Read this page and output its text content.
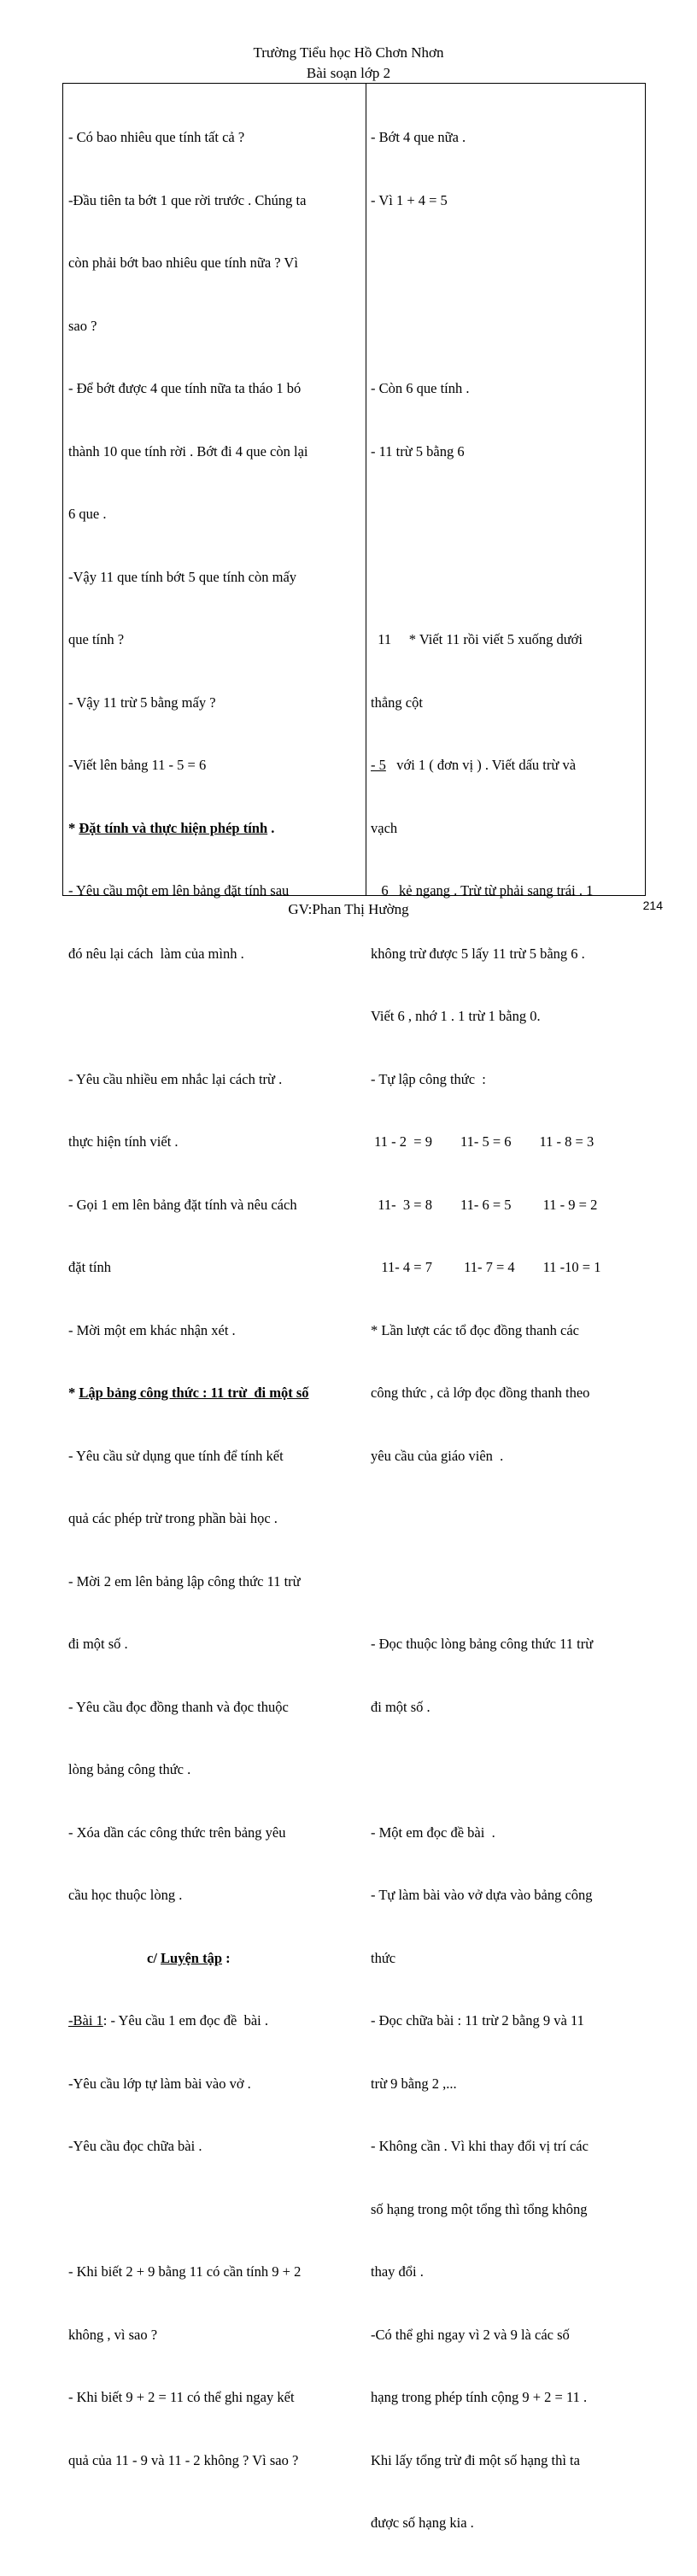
Trường Tiểu học Hồ Chơn Nhơn
Bài soạn lớp 2

- Có bao nhiêu que tính tất cả ?

-Đầu tiên ta bớt 1 que rời trước . Chúng ta

còn phải bớt bao nhiêu que tính nữa ? Vì

sao ?

- Để bớt được 4 que tính nữa ta tháo 1 bó

thành 10 que tính rời . Bớt đi 4 que còn lại

6 que .

-Vậy 11 que tính bớt 5 que tính còn mấy

que tính ?

- Vậy 11 trừ 5 bằng mấy ?

-Viết lên bảng 11 - 5 = 6

* Đặt tính và thực hiện phép tính .

- Yêu cầu một em lên bảng đặt tính sau

đó nêu lại cách  làm của mình .

- Yêu cầu nhiều em nhắc lại cách trừ .

thực hiện tính viết .

- Gọi 1 em lên bảng đặt tính và nêu cách

đặt tính

- Mời một em khác nhận xét .

* Lập bảng công thức : 11 trừ  đi một số

- Yêu cầu sử dụng que tính để tính kết

quả các phép trừ trong phần bài học .

- Mời 2 em lên bảng lập công thức 11 trừ

đi một số .

- Yêu cầu đọc đồng thanh và đọc thuộc

lòng bảng công thức .

- Xóa dần các công thức trên bảng yêu

cầu học thuộc lòng .

c/ Luyện tập :

-Bài 1: - Yêu cầu 1 em đọc đề  bài .

-Yêu cầu lớp tự làm bài vào vở .

-Yêu cầu đọc chữa bài .

- Khi biết 2 + 9 bằng 11 có cần tính 9 + 2

không , vì sao ?

- Khi biết 9 + 2 = 11 có thể ghi ngay kết

quả của 11 - 9 và 11 - 2 không ? Vì sao ?

- Bớt 4 que nữa .

- Vì 1 + 4 = 5

- Còn 6 que tính .

- 11 trừ 5 bằng 6

11     * Viết 11 rồi viết 5 xuống dưới

thẳng cột

- 5   với 1 ( đơn vị ) . Viết dấu trừ và

vạch

6   kẻ ngang . Trừ từ phải sang trái . 1

không trừ được 5 lấy 11 trừ 5 bằng 6 .

Viết 6 , nhớ 1 . 1 trừ 1 bằng 0.

- Tự lập công thức  :

11 - 2  = 9        11- 5 = 6        11 - 8 = 3

11-  3 = 8        11- 6 = 5         11 - 9 = 2

11- 4 = 7         11- 7 = 4        11 -10 = 1

* Lần lượt các tổ đọc đồng thanh các

công thức , cả lớp đọc đồng thanh theo

yêu cầu của giáo viên  .

- Đọc thuộc lòng bảng công thức 11 trừ

đi một số .

- Một em đọc đề bài  .

- Tự làm bài vào vở dựa vào bảng công

thức

- Đọc chữa bài : 11 trừ 2 bằng 9 và 11

trừ 9 bằng 2 ,...

- Không cần . Vì khi thay đổi vị trí các

số hạng trong một tổng thì tổng không

thay đổi .

-Có thể ghi ngay vì 2 và 9 là các số

hạng trong phép tính cộng 9 + 2 = 11 .

Khi lấy tổng trừ đi một số hạng thì ta

được số hạng kia .

GV:Phan Thị Hường	214
